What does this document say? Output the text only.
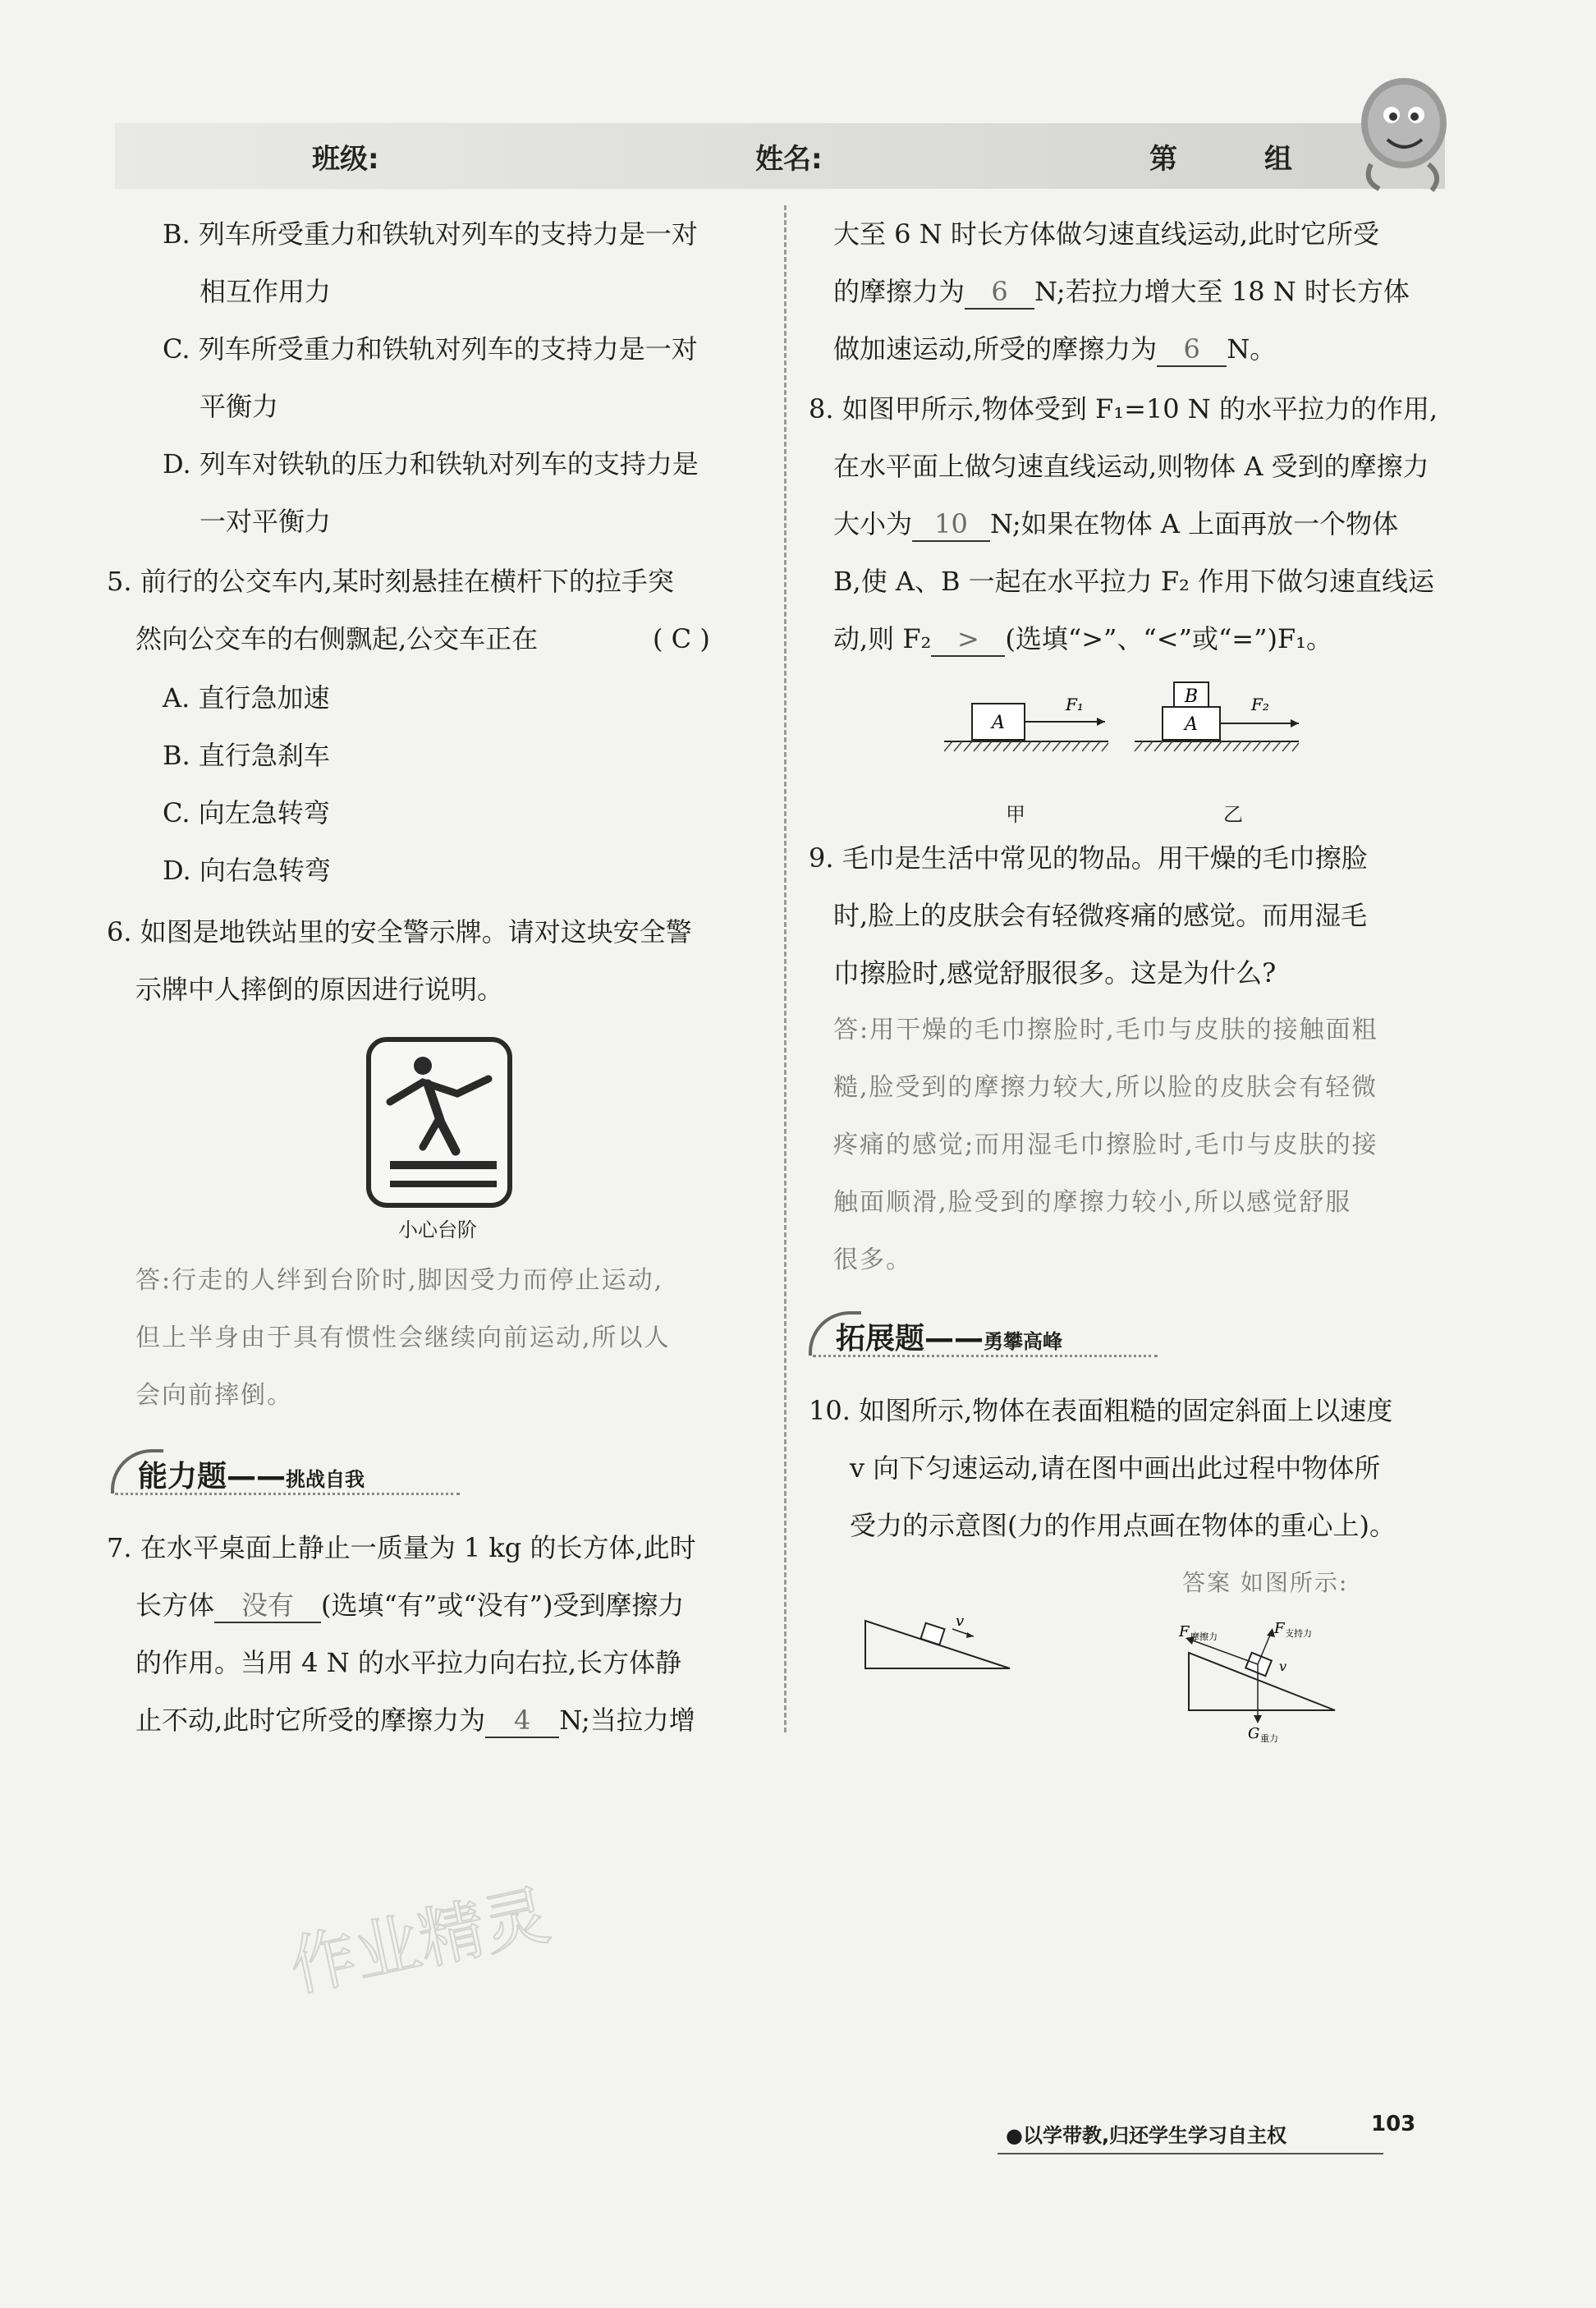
班级:	姓名:	第	组
B. 列车所受重力和铁轨对列车的支持力是一对
相互作用力
C. 列车所受重力和铁轨对列车的支持力是一对
平衡力
D. 列车对铁轨的压力和铁轨对列车的支持力是
一对平衡力
5. 前行的公交车内,某时刻悬挂在横杆下的拉手突
然向公交车的右侧飘起,公交车正在	( C )
A. 直行急加速
B. 直行急刹车
C. 向左急转弯
D. 向右急转弯
6. 如图是地铁站里的安全警示牌。请对这块安全警
示牌中人摔倒的原因进行说明。
小心台阶
答:行走的人绊到台阶时,脚因受力而停止运动,
但上半身由于具有惯性会继续向前运动,所以人
会向前摔倒。
能力题——挑战自我
7. 在水平桌面上静止一质量为 1 kg 的长方体,此时
长方体 没有 (选填“有”或“没有”)受到摩擦力
的作用。当用 4 N 的水平拉力向右拉,长方体静
止不动,此时它所受的摩擦力为 4 N;当拉力增
大至 6 N 时长方体做匀速直线运动,此时它所受
的摩擦力为 6 N;若拉力增大至 18 N 时长方体
做加速运动,所受的摩擦力为 6 N。
8. 如图甲所示,物体受到 F₁=10 N 的水平拉力的作用,
在水平面上做匀速直线运动,则物体 A 受到的摩擦力
大小为 10 N;如果在物体 A 上面再放一个物体
B,使 A、B 一起在水平拉力 F₂ 作用下做匀速直线运
动,则 F₂ > (选填“>”、“<”或“=”)F₁。
A
F₁	B
A
F₂
甲	乙
9. 毛巾是生活中常见的物品。用干燥的毛巾擦脸
时,脸上的皮肤会有轻微疼痛的感觉。而用湿毛
巾擦脸时,感觉舒服很多。这是为什么?
答:用干燥的毛巾擦脸时,毛巾与皮肤的接触面粗
糙,脸受到的摩擦力较大,所以脸的皮肤会有轻微
疼痛的感觉;而用湿毛巾擦脸时,毛巾与皮肤的接
触面顺滑,脸受到的摩擦力较小,所以感觉舒服
很多。
拓展题——勇攀高峰
10. 如图所示,物体在表面粗糙的固定斜面上以速度
v 向下匀速运动,请在图中画出此过程中物体所
受力的示意图(力的作用点画在物体的重心上)。
答案 如图所示:
v
F 摩擦力	F 支持力
v
G 重力
作业精灵
●以学带教,归还学生学习自主权	103
